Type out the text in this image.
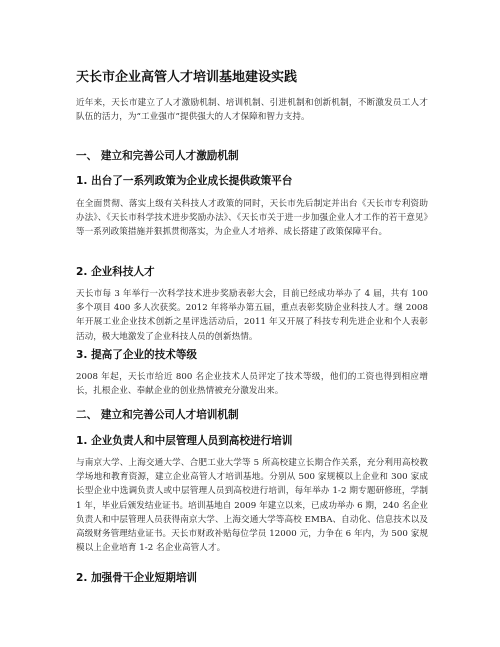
天长市企业高管人才培训基地建设实践

近年来，天长市建立了人才激励机制、培训机制、引进机制和创新机制，不断激发员工人才队伍的活力，为“工业强市”提供强大的人才保障和智力支持。

一、 建立和完善公司人才激励机制
1. 出台了一系列政策为企业成长提供政策平台

在全面贯彻、落实上级有关科技人才政策的同时，天长市先后制定并出台《天长市专利资助办法》、《天长市科学技术进步奖励办法》、《天长市关于进一步加强企业人才工作的若干意见》等一系列政策措施并狠抓贯彻落实，为企业人才培养、成长搭建了政策保障平台。

2. 企业科技人才

天长市每 3 年举行一次科学技术进步奖励表彰大会，目前已经成功举办了 4 届，共有 100 多个项目 400 多人次获奖。2012 年将举办第五届，重点表彰奖励企业科技人才。继 2008 年开展工业企业技术创新之星评选活动后，2011 年又开展了科技专利先进企业和个人表彰活动，极大地激发了企业科技人员的创新热情。

3. 提高了企业的技术等级

2008 年起，天长市给近 800 名企业技术人员评定了技术等级，他们的工资也得到相应增长，扎根企业、奉献企业的创业热情被充分激发出来。

二、 建立和完善公司人才培训机制
1. 企业负责人和中层管理人员到高校进行培训

与南京大学、上海交通大学、合肥工业大学等 5 所高校建立长期合作关系，充分利用高校教学场地和教育资源，建立企业高管人才培训基地。分别从 500 家规模以上企业和 300 家成长型企业中选调负责人或中层管理人员到高校进行培训，每年举办 1-2 期专题研修班，学制 1 年，毕业后颁发结业证书。培训基地自 2009 年建立以来，已成功举办 6 期，240 名企业负责人和中层管理人员获得南京大学、上海交通大学等高校 EMBA、自动化、信息技术以及高级财务管理结业证书。天长市财政补贴每位学员 12000 元，力争在 6 年内，为 500 家规模以上企业培育 1-2 名企业高管人才。

2. 加强骨干企业短期培训
